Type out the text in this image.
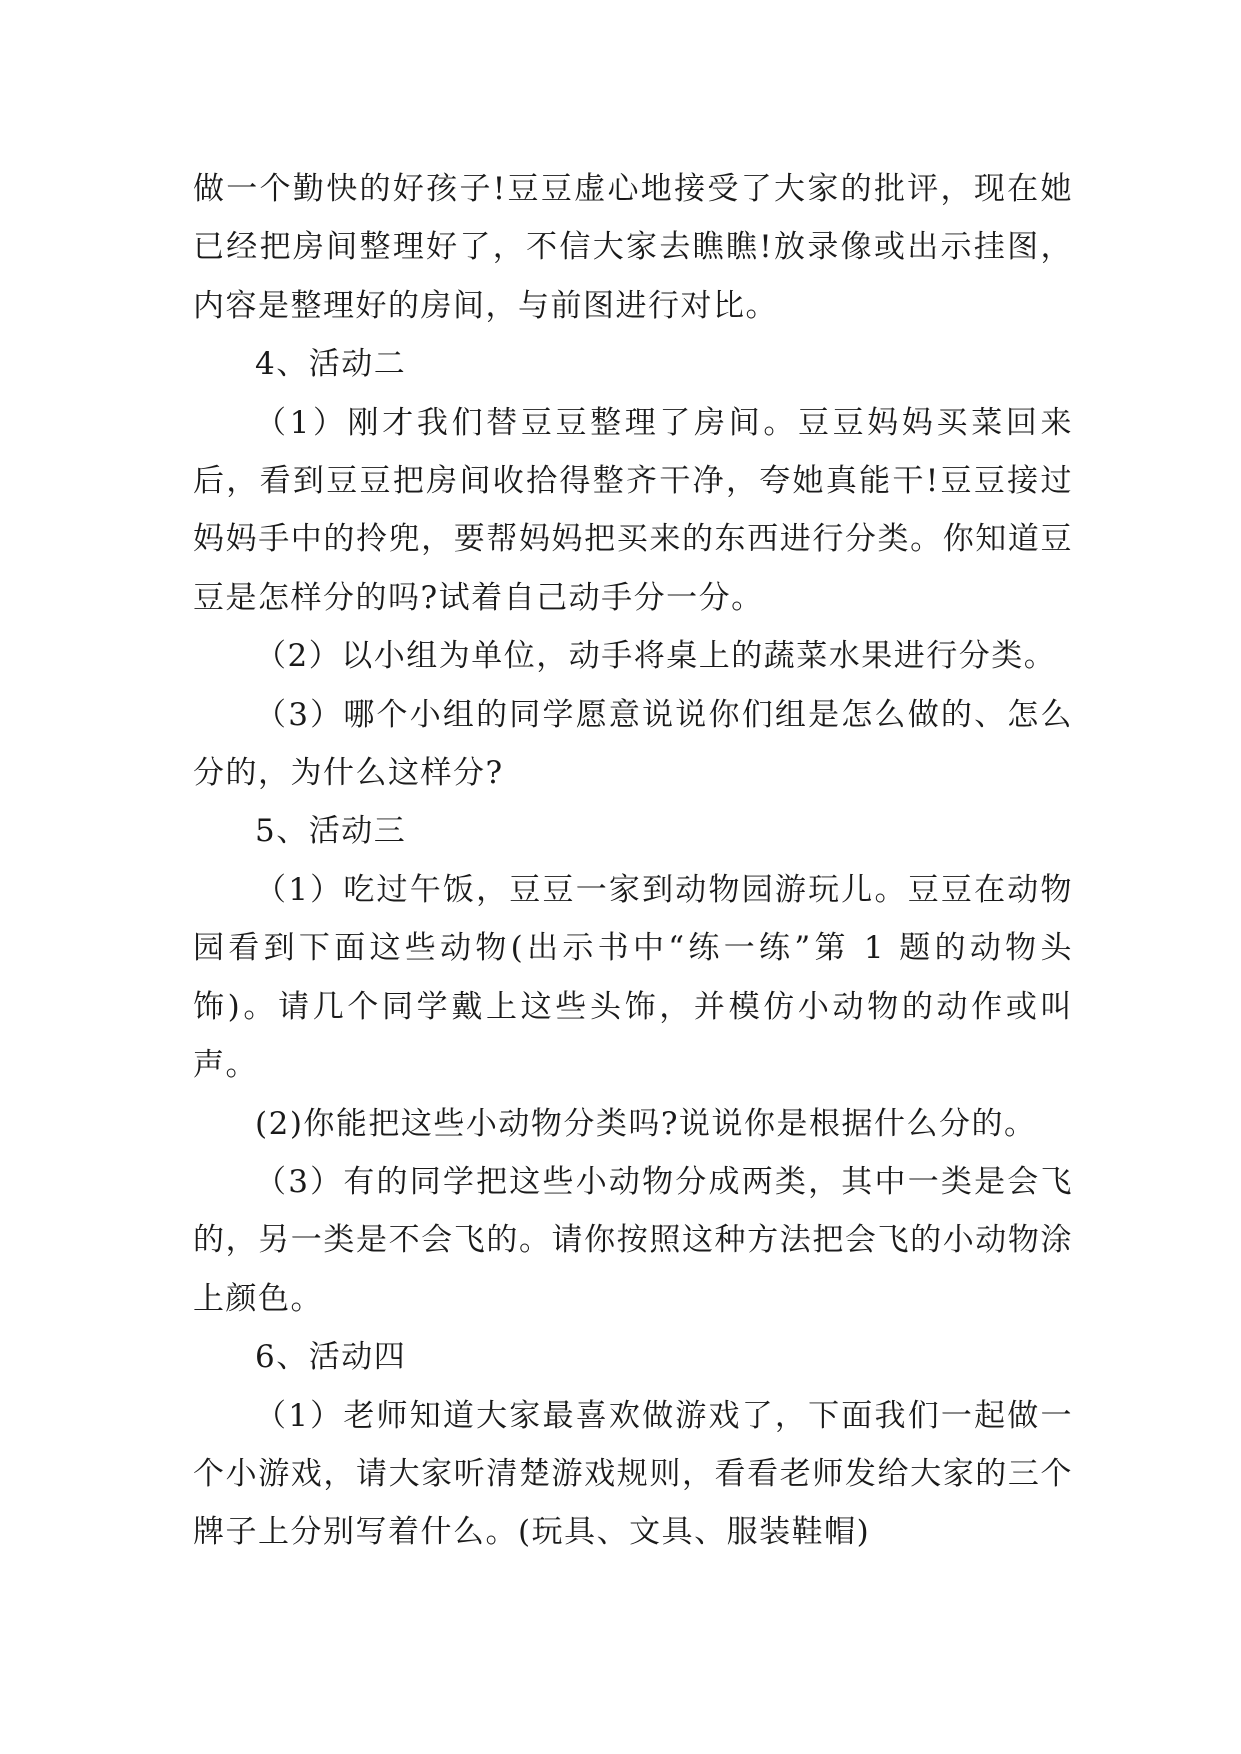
做一个勤快的好孩子!豆豆虚心地接受了大家的批评，现在她已经把房间整理好了，不信大家去瞧瞧!放录像或出示挂图，内容是整理好的房间，与前图进行对比。

4、活动二

（1）刚才我们替豆豆整理了房间。豆豆妈妈买菜回来后，看到豆豆把房间收拾得整齐干净，夸她真能干!豆豆接过妈妈手中的拎兜，要帮妈妈把买来的东西进行分类。你知道豆豆是怎样分的吗?试着自己动手分一分。

（2）以小组为单位，动手将桌上的蔬菜水果进行分类。

（3）哪个小组的同学愿意说说你们组是怎么做的、怎么分的，为什么这样分?

5、活动三

（1）吃过午饭，豆豆一家到动物园游玩儿。豆豆在动物园看到下面这些动物(出示书中“练一练”第 1 题的动物头饰)。请几个同学戴上这些头饰，并模仿小动物的动作或叫声。

(2)你能把这些小动物分类吗?说说你是根据什么分的。

（3）有的同学把这些小动物分成两类，其中一类是会飞的，另一类是不会飞的。请你按照这种方法把会飞的小动物涂上颜色。

6、活动四

（1）老师知道大家最喜欢做游戏了，下面我们一起做一个小游戏，请大家听清楚游戏规则，看看老师发给大家的三个牌子上分别写着什么。(玩具、文具、服装鞋帽)
